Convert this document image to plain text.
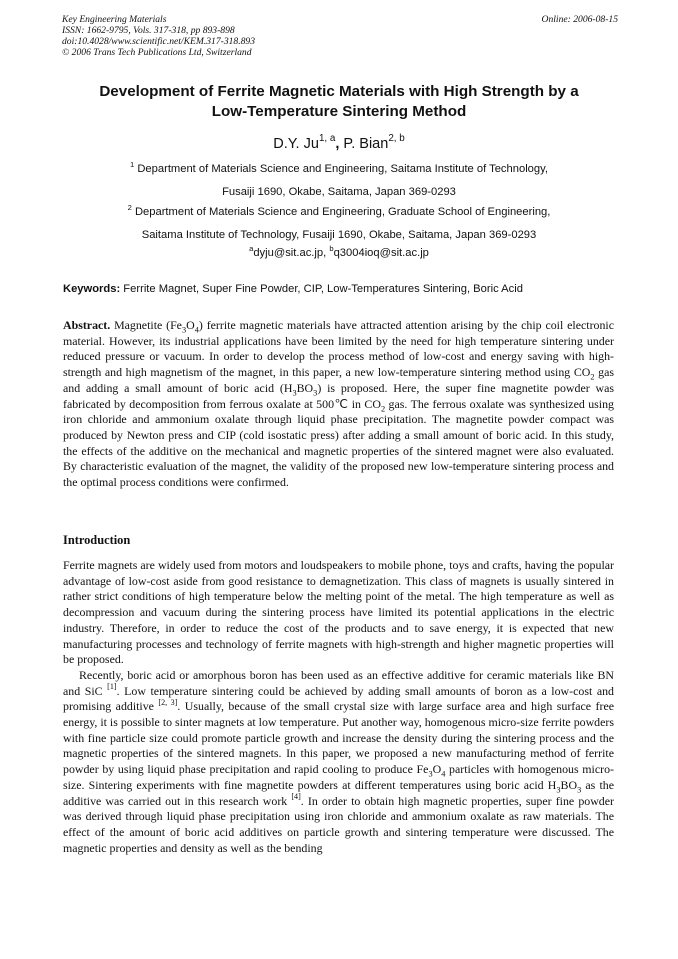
Key Engineering Materials
ISSN: 1662-9795, Vols. 317-318, pp 893-898
doi:10.4028/www.scientific.net/KEM.317-318.893
© 2006 Trans Tech Publications Ltd, Switzerland
Online: 2006-08-15
Development of Ferrite Magnetic Materials with High Strength by a
Low-Temperature Sintering Method
D.Y. Ju$^{1, a}$, P. Bian$^{2, b}$
$^1$ Department of Materials Science and Engineering, Saitama Institute of Technology,
Fusaiji 1690, Okabe, Saitama, Japan 369-0293
$^2$ Department of Materials Science and Engineering, Graduate School of Engineering,
Saitama Institute of Technology, Fusaiji 1690, Okabe, Saitama, Japan 369-0293
$^a$dyju@sit.ac.jp, $^b$q3004ioq@sit.ac.jp
Keywords: Ferrite Magnet, Super Fine Powder, CIP, Low-Temperatures Sintering, Boric Acid

Abstract. Magnetite $(Fe_3O_4)$ ferrite magnetic materials have attracted attention arising by the chip coil electronic material. However, its industrial applications have been limited by the need for high temperature sintering under reduced pressure or vacuum. In order to develop the process method of low-cost and energy saving with high-strength and high magnetism of the magnet, in this paper, a new low-temperature sintering method using $CO_2$ gas and adding a small amount of boric acid $(H_3BO_3)$ is proposed. Here, the super fine magnetite powder was fabricated by decomposition from ferrous oxalate at 500℃ in $CO_2$ gas. The ferrous oxalate was synthesized using iron chloride and ammonium oxalate through liquid phase precipitation. The magnetite powder compact was produced by Newton press and CIP (cold isostatic press) after adding a small amount of boric acid. In this study, the effects of the additive on the mechanical and magnetic properties of the sintered magnet were also evaluated. By characteristic evaluation of the magnet, the validity of the proposed new low-temperature sintering process and the optimal process conditions were confirmed.

Introduction

Ferrite magnets are widely used from motors and loudspeakers to mobile phone, toys and crafts, having the popular advantage of low-cost aside from good resistance to demagnetization. This class of magnets is usually sintered in rather strict conditions of high temperature below the melting point of the metal. The high temperature as well as decompression and vacuum during the sintering process have limited its potential applications in the electric industry. Therefore, in order to reduce the cost of the products and to save energy, it is expected that new manufacturing processes and technology of ferrite magnets with high-strength and higher magnetic properties will be proposed.

Recently, boric acid or amorphous boron has been used as an effective additive for ceramic materials like BN and SiC [1]. Low temperature sintering could be achieved by adding small amounts of boron as a low-cost and promising additive [2, 3]. Usually, because of the small crystal size with large surface area and high surface free energy, it is possible to sinter magnets at low temperature. Put another way, homogenous micro-size ferrite powders with fine particle size could promote particle growth and increase the density during the sintering process and the magnetic properties of the sintered magnets. In this paper, we proposed a new manufacturing method of ferrite powder by using liquid phase precipitation and rapid cooling to produce $Fe_3O_4$ particles with homogenous micro-size. Sintering experiments with fine magnetite powders at different temperatures using boric acid $H_3BO_3$ as the additive was carried out in this research work [4]. In order to obtain high magnetic properties, super fine powder was derived through liquid phase precipitation using iron chloride and ammonium oxalate as raw materials. The effect of the amount of boric acid additives on particle growth and sintering temperature were discussed. The magnetic properties and density as well as the bending
